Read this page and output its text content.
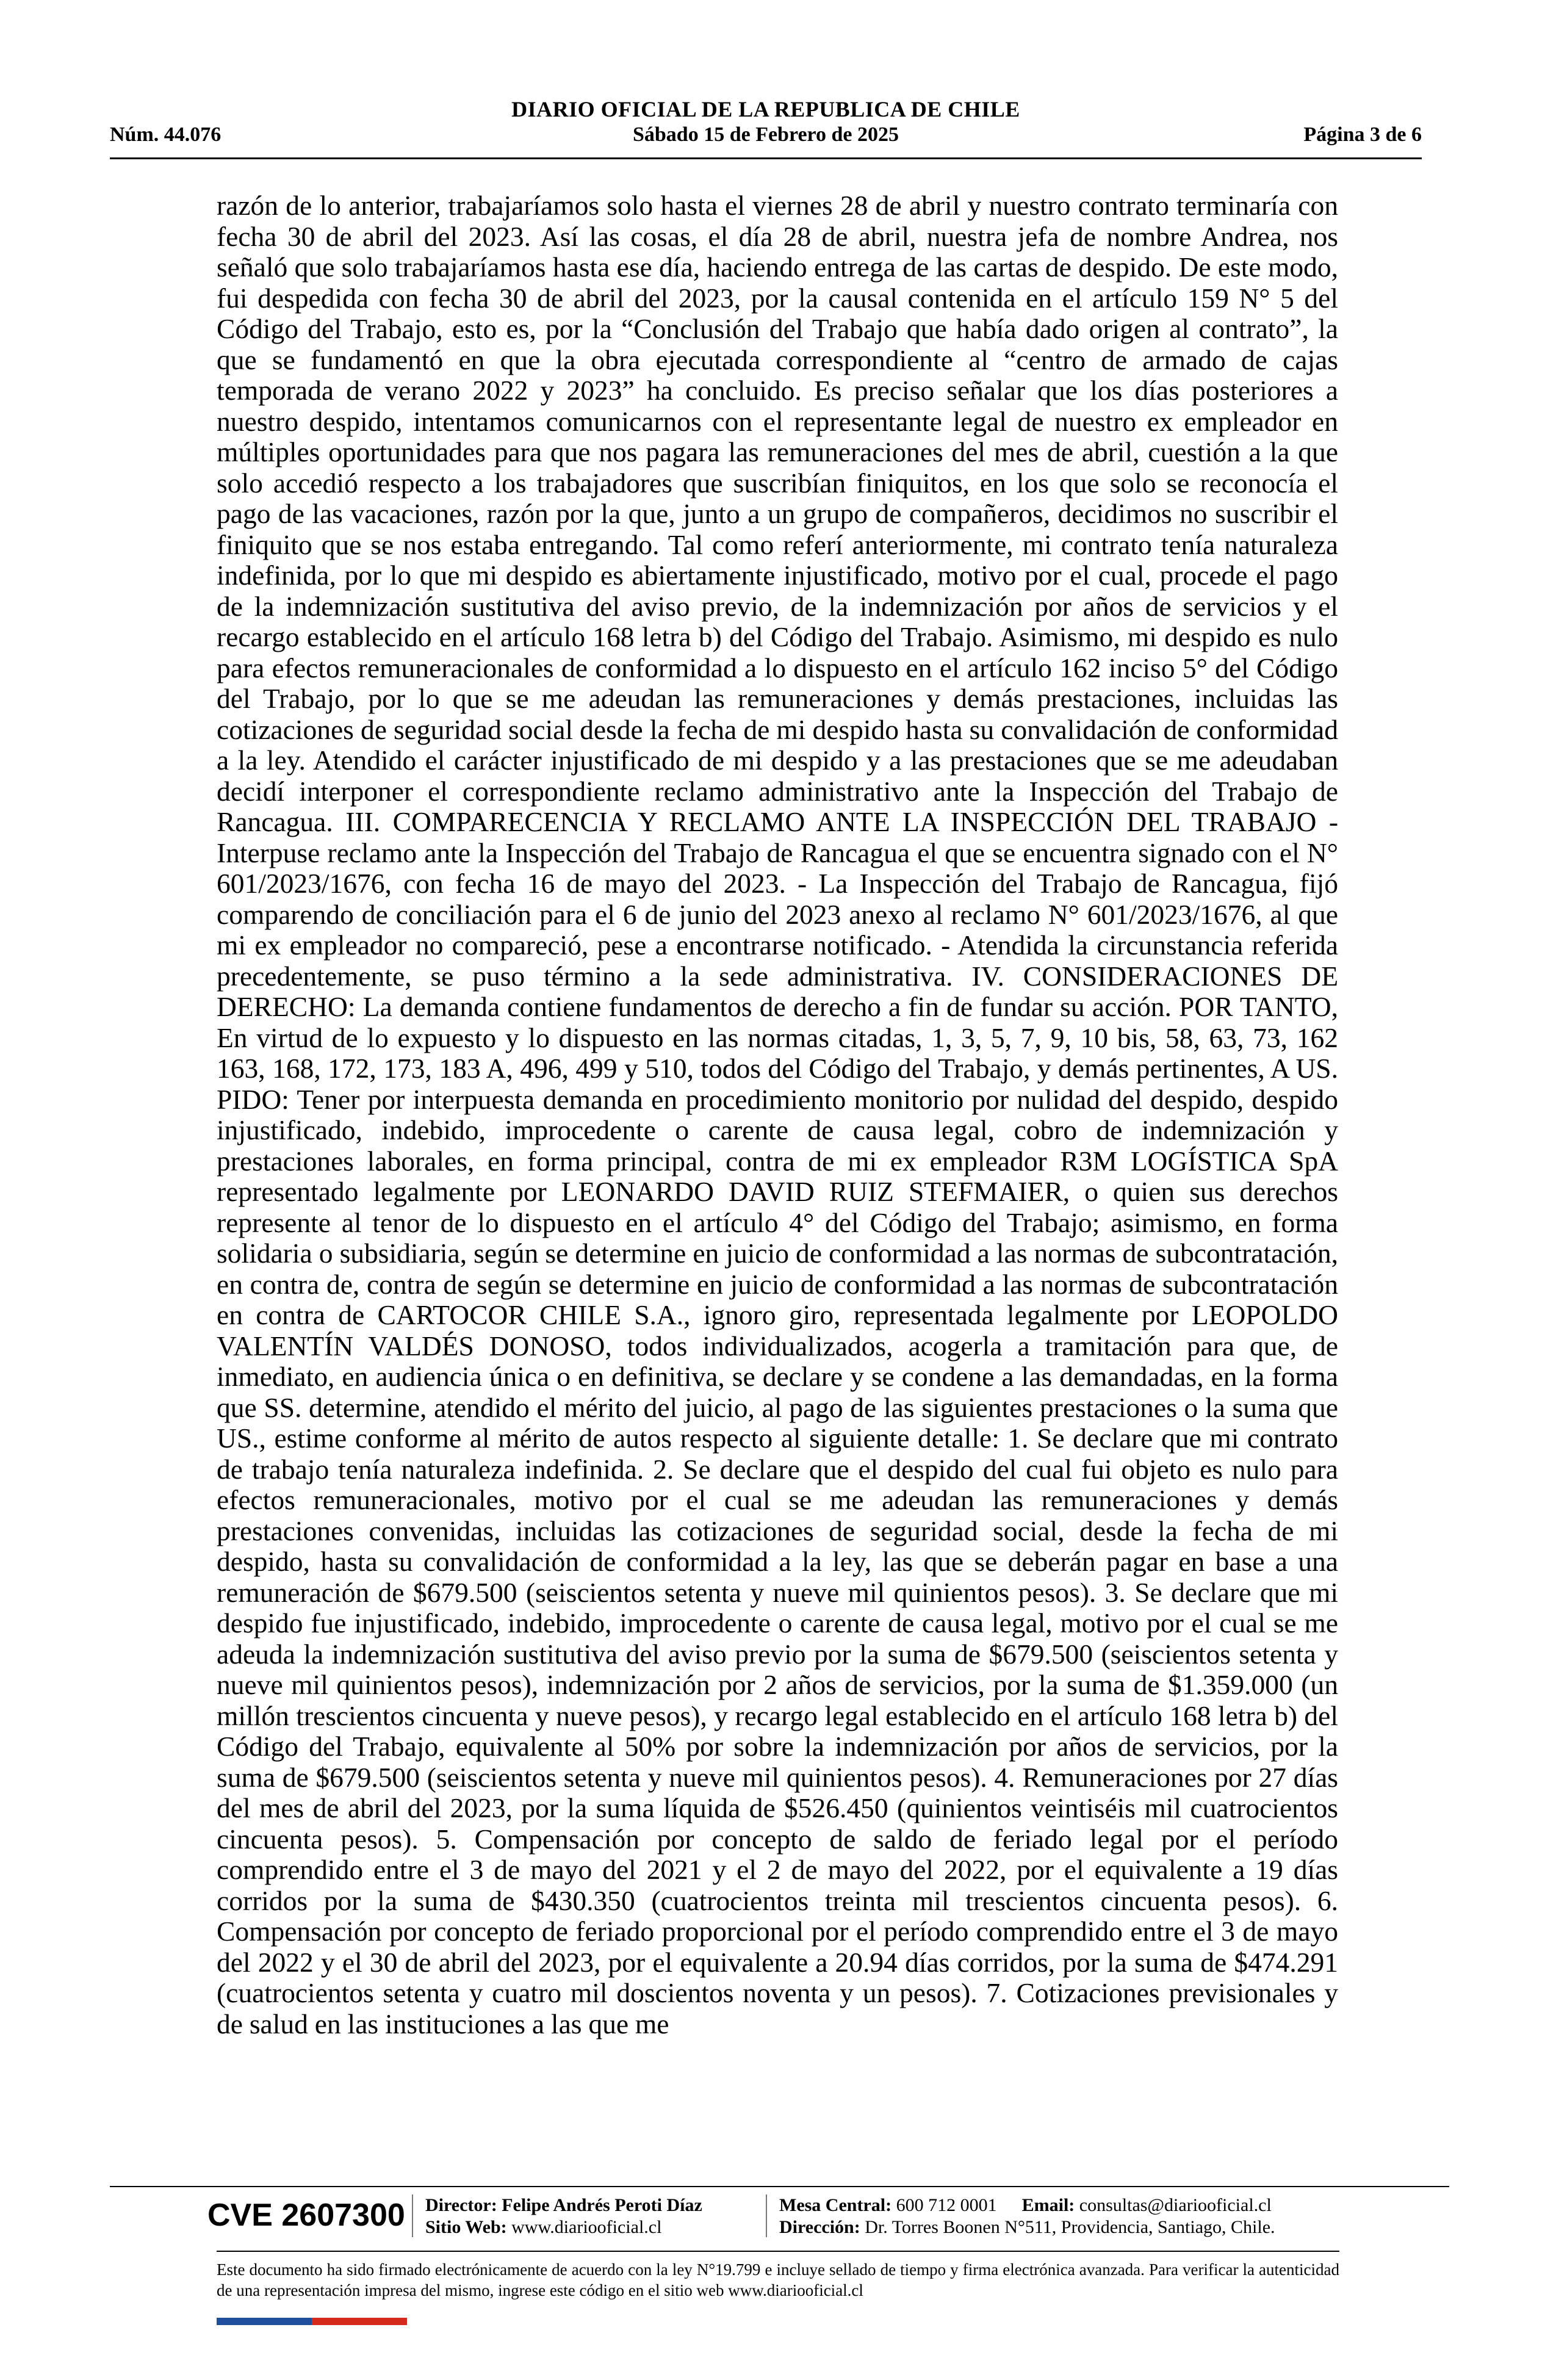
DIARIO OFICIAL DE LA REPUBLICA DE CHILE
Núm. 44.076	Sábado 15 de Febrero de 2025	Página 3 de 6
razón de lo anterior, trabajaríamos solo hasta el viernes 28 de abril y nuestro contrato terminaría con fecha 30 de abril del 2023. Así las cosas, el día 28 de abril, nuestra jefa de nombre Andrea, nos señaló que solo trabajaríamos hasta ese día, haciendo entrega de las cartas de despido. De este modo, fui despedida con fecha 30 de abril del 2023, por la causal contenida en el artículo 159 N° 5 del Código del Trabajo, esto es, por la “Conclusión del Trabajo que había dado origen al contrato”, la que se fundamentó en que la obra ejecutada correspondiente al “centro de armado de cajas temporada de verano 2022 y 2023” ha concluido. Es preciso señalar que los días posteriores a nuestro despido, intentamos comunicarnos con el representante legal de nuestro ex empleador en múltiples oportunidades para que nos pagara las remuneraciones del mes de abril, cuestión a la que solo accedió respecto a los trabajadores que suscribían finiquitos, en los que solo se reconocía el pago de las vacaciones, razón por la que, junto a un grupo de compañeros, decidimos no suscribir el finiquito que se nos estaba entregando. Tal como referí anteriormente, mi contrato tenía naturaleza indefinida, por lo que mi despido es abiertamente injustificado, motivo por el cual, procede el pago de la indemnización sustitutiva del aviso previo, de la indemnización por años de servicios y el recargo establecido en el artículo 168 letra b) del Código del Trabajo. Asimismo, mi despido es nulo para efectos remuneracionales de conformidad a lo dispuesto en el artículo 162 inciso 5° del Código del Trabajo, por lo que se me adeudan las remuneraciones y demás prestaciones, incluidas las cotizaciones de seguridad social desde la fecha de mi despido hasta su convalidación de conformidad a la ley. Atendido el carácter injustificado de mi despido y a las prestaciones que se me adeudaban decidí interponer el correspondiente reclamo administrativo ante la Inspección del Trabajo de Rancagua. III. COMPARECENCIA Y RECLAMO ANTE LA INSPECCIÓN DEL TRABAJO - Interpuse reclamo ante la Inspección del Trabajo de Rancagua el que se encuentra signado con el N° 601/2023/1676, con fecha 16 de mayo del 2023. - La Inspección del Trabajo de Rancagua, fijó comparendo de conciliación para el 6 de junio del 2023 anexo al reclamo N° 601/2023/1676, al que mi ex empleador no compareció, pese a encontrarse notificado. - Atendida la circunstancia referida precedentemente, se puso término a la sede administrativa. IV. CONSIDERACIONES DE DERECHO: La demanda contiene fundamentos de derecho a fin de fundar su acción. POR TANTO, En virtud de lo expuesto y lo dispuesto en las normas citadas, 1, 3, 5, 7, 9, 10 bis, 58, 63, 73, 162 163, 168, 172, 173, 183 A, 496, 499 y 510, todos del Código del Trabajo, y demás pertinentes, A US. PIDO: Tener por interpuesta demanda en procedimiento monitorio por nulidad del despido, despido injustificado, indebido, improcedente o carente de causa legal, cobro de indemnización y prestaciones laborales, en forma principal, contra de mi ex empleador R3M LOGÍSTICA SpA representado legalmente por LEONARDO DAVID RUIZ STEFMAIER, o quien sus derechos represente al tenor de lo dispuesto en el artículo 4° del Código del Trabajo; asimismo, en forma solidaria o subsidiaria, según se determine en juicio de conformidad a las normas de subcontratación, en contra de, contra de según se determine en juicio de conformidad a las normas de subcontratación en contra de CARTOCOR CHILE S.A., ignoro giro, representada legalmente por LEOPOLDO VALENTÍN VALDÉS DONOSO, todos individualizados, acogerla a tramitación para que, de inmediato, en audiencia única o en definitiva, se declare y se condene a las demandadas, en la forma que SS. determine, atendido el mérito del juicio, al pago de las siguientes prestaciones o la suma que US., estime conforme al mérito de autos respecto al siguiente detalle: 1. Se declare que mi contrato de trabajo tenía naturaleza indefinida. 2. Se declare que el despido del cual fui objeto es nulo para efectos remuneracionales, motivo por el cual se me adeudan las remuneraciones y demás prestaciones convenidas, incluidas las cotizaciones de seguridad social, desde la fecha de mi despido, hasta su convalidación de conformidad a la ley, las que se deberán pagar en base a una remuneración de $679.500 (seiscientos setenta y nueve mil quinientos pesos). 3. Se declare que mi despido fue injustificado, indebido, improcedente o carente de causa legal, motivo por el cual se me adeuda la indemnización sustitutiva del aviso previo por la suma de $679.500 (seiscientos setenta y nueve mil quinientos pesos), indemnización por 2 años de servicios, por la suma de $1.359.000 (un millón trescientos cincuenta y nueve pesos), y recargo legal establecido en el artículo 168 letra b) del Código del Trabajo, equivalente al 50% por sobre la indemnización por años de servicios, por la suma de $679.500 (seiscientos setenta y nueve mil quinientos pesos). 4. Remuneraciones por 27 días del mes de abril del 2023, por la suma líquida de $526.450 (quinientos veintiséis mil cuatrocientos cincuenta pesos). 5. Compensación por concepto de saldo de feriado legal por el período comprendido entre el 3 de mayo del 2021 y el 2 de mayo del 2022, por el equivalente a 19 días corridos por la suma de $430.350 (cuatrocientos treinta mil trescientos cincuenta pesos). 6. Compensación por concepto de feriado proporcional por el período comprendido entre el 3 de mayo del 2022 y el 30 de abril del 2023, por el equivalente a 20.94 días corridos, por la suma de $474.291 (cuatrocientos setenta y cuatro mil doscientos noventa y un pesos). 7. Cotizaciones previsionales y de salud en las instituciones a las que me
CVE 2607300 Director: Felipe Andrés Peroti Díaz
Sitio Web: www.diariooficial.cl
Mesa Central: 600 712 0001 Email: consultas@diariooficial.cl
Dirección: Dr. Torres Boonen N°511, Providencia, Santiago, Chile.
Este documento ha sido firmado electrónicamente de acuerdo con la ley N°19.799 e incluye sellado de tiempo y firma electrónica avanzada. Para verificar la autenticidad de una representación impresa del mismo, ingrese este código en el sitio web www.diariooficial.cl
